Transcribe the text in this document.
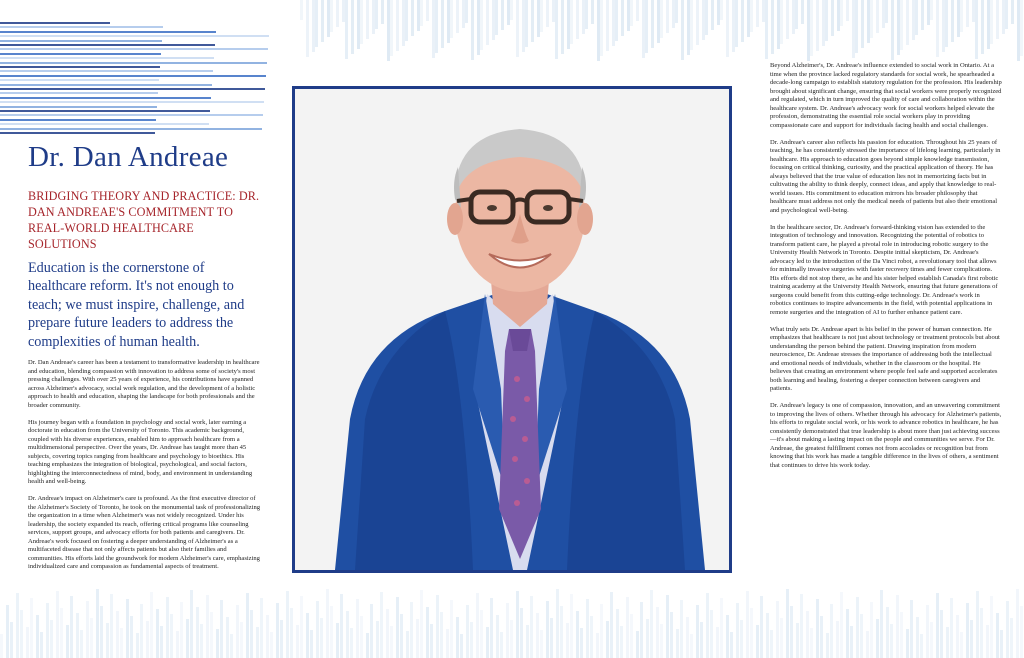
Dr. Dan Andreae
BRIDGING THEORY AND PRACTICE: DR. DAN ANDREAE'S COMMITMENT TO REAL-WORLD HEALTHCARE SOLUTIONS
Education is the cornerstone of healthcare reform. It's not enough to teach; we must inspire, challenge, and prepare future leaders to address the complexities of human health.

Dr. Dan Andreae's career has been a testament to transformative leadership in healthcare and education, blending compassion with innovation to address some of society's most pressing challenges. With over 25 years of experience, his contributions have spanned across Alzheimer's advocacy, social work regulation, and the development of a holistic approach to health and education, shaping the landscape for both professionals and the broader community.

His journey began with a foundation in psychology and social work, later earning a doctorate in education from the University of Toronto. This academic background, coupled with his diverse experiences, enabled him to approach healthcare from a multidimensional perspective. Over the years, Dr. Andreae has taught more than 45 subjects, covering topics ranging from healthcare and psychology to bioethics. His teaching emphasizes the integration of biological, psychological, and social factors, highlighting the interconnectedness of mind, body, and environment in understanding health and well-being.

Dr. Andreae's impact on Alzheimer's care is profound. As the first executive director of the Alzheimer's Society of Toronto, he took on the monumental task of professionalizing the organization in a time when Alzheimer's was not widely recognized. Under his leadership, the society expanded its reach, offering critical programs like counseling services, support groups, and advocacy efforts for both patients and caregivers. Dr. Andreae's work focused on fostering a deeper understanding of Alzheimer's as a multifaceted disease that not only affects patients but also their families and communities. His efforts laid the groundwork for modern Alzheimer's care, emphasizing individualized care and compassion as fundamental aspects of treatment.

Beyond Alzheimer's, Dr. Andreae's influence extended to social work in Ontario. At a time when the province lacked regulatory standards for social work, he spearheaded a decade-long campaign to establish statutory regulation for the profession. His leadership brought about significant change, ensuring that social workers were properly recognized and regulated, which in turn improved the quality of care and collaboration within the healthcare system. Dr. Andreae's advocacy work for social workers helped elevate the profession, demonstrating the essential role social workers play in providing compassionate care and support for individuals facing health and social challenges.

Dr. Andreae's career also reflects his passion for education. Throughout his 25 years of teaching, he has consistently stressed the importance of lifelong learning, particularly in healthcare. His approach to education goes beyond simple knowledge transmission, focusing on critical thinking, curiosity, and the practical application of theory. He has always believed that the true value of education lies not in memorizing facts but in cultivating the ability to think deeply, connect ideas, and apply that knowledge to real-world issues. His commitment to education mirrors his broader philosophy that healthcare must address not only the medical needs of patients but also their emotional and psychological well-being.

In the healthcare sector, Dr. Andreae's forward-thinking vision has extended to the integration of technology and innovation. Recognizing the potential of robotics to transform patient care, he played a pivotal role in introducing robotic surgery to the University Health Network in Toronto. Despite initial skepticism, Dr. Andreae's advocacy led to the introduction of the Da Vinci robot, a revolutionary tool that allows for minimally invasive surgeries with faster recovery times and fewer complications. His efforts did not stop there, as he and his sister helped establish Canada's first robotic training academy at the University Health Network, ensuring that future generations of surgeons could benefit from this cutting-edge technology. Dr. Andreae's work in robotics continues to inspire advancements in the field, with potential applications in remote surgeries and the integration of AI to further enhance patient care.

What truly sets Dr. Andreae apart is his belief in the power of human connection. He emphasizes that healthcare is not just about technology or treatment protocols but about understanding the person behind the patient. Drawing inspiration from modern neuroscience, Dr. Andreae stresses the importance of addressing both the intellectual and emotional needs of individuals, whether in the classroom or the hospital. He believes that creating an environment where people feel safe and supported accelerates both learning and healing, fostering a deeper connection between caregivers and patients.

Dr. Andreae's legacy is one of compassion, innovation, and an unwavering commitment to improving the lives of others. Whether through his advocacy for Alzheimer's patients, his efforts to regulate social work, or his work to advance robotics in healthcare, he has consistently demonstrated that true leadership is about more than just achieving success—it's about making a lasting impact on the people and communities we serve. For Dr. Andreae, the greatest fulfillment comes not from accolades or recognition but from knowing that his work has made a tangible difference in the lives of others, a sentiment that continues to drive his work today.
